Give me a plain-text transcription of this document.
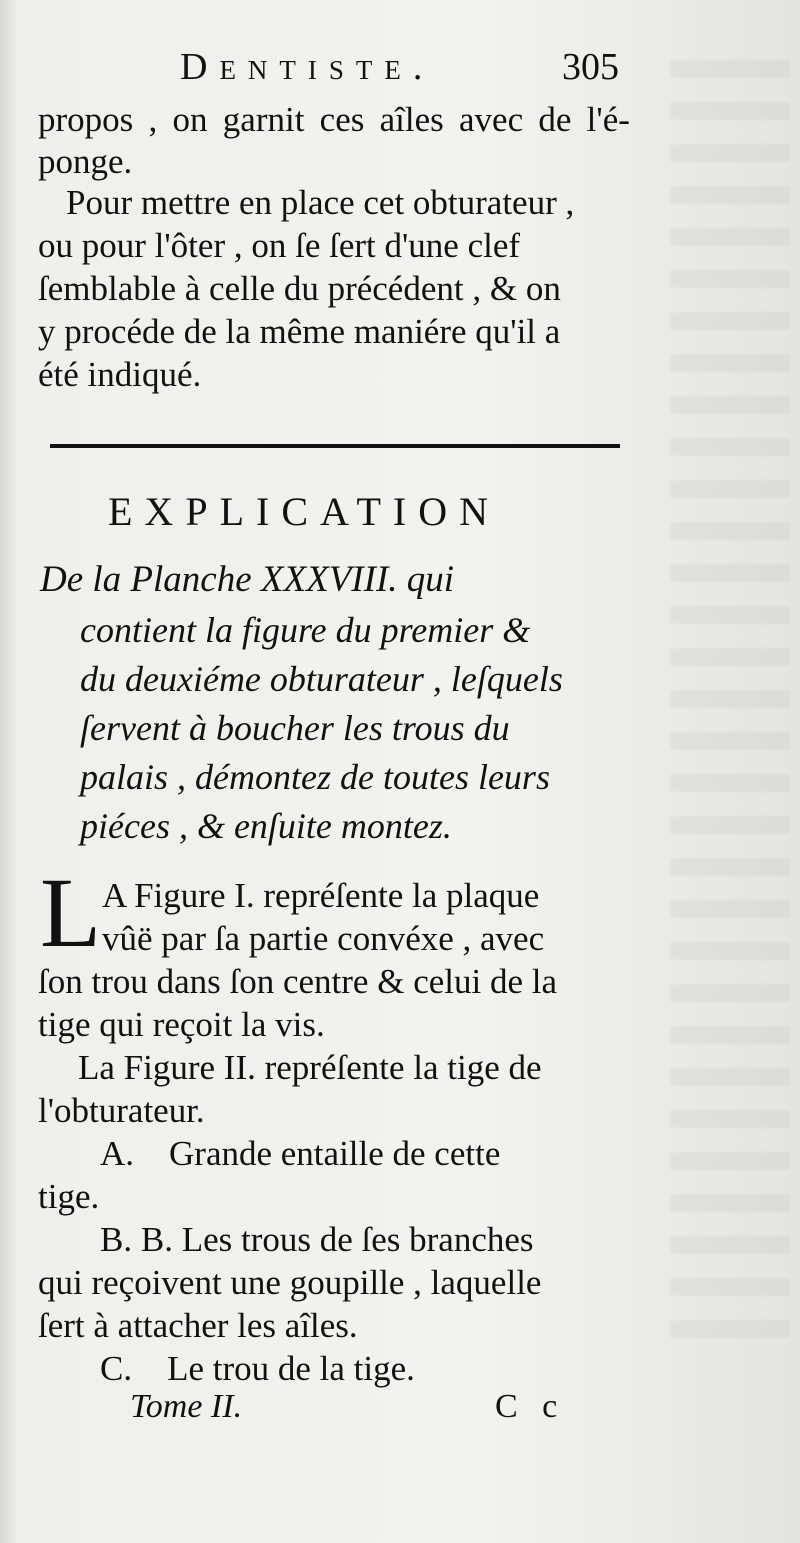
Dentiste.	305
propos , on garnit ces aîles avec de l'é-
ponge.
Pour mettre en place cet obturateur ,
ou pour l'ôter , on ſe ſert d'une clef
ſemblable à celle du précédent , & on
y procéde de la même maniére qu'il a
été indiqué.
EXPLICATION
De la Planche XXXVIII. qui
contient la figure du premier &
du deuxiéme obturateur , leſquels
ſervent à boucher les trous du
palais , démontez de toutes leurs
piéces , & enſuite montez.
L A Figure I. repréſente la plaque
vûë par ſa partie convéxe , avec
ſon trou dans ſon centre & celui de la
tige qui reçoit la vis.
La Figure II. repréſente la tige de
l'obturateur.
A.    Grande entaille de cette
tige.
B. B. Les trous de ſes branches
qui reçoivent une goupille , laquelle
ſert à attacher les aîles.
C.    Le trou de la tige.
Tome II.	C c
